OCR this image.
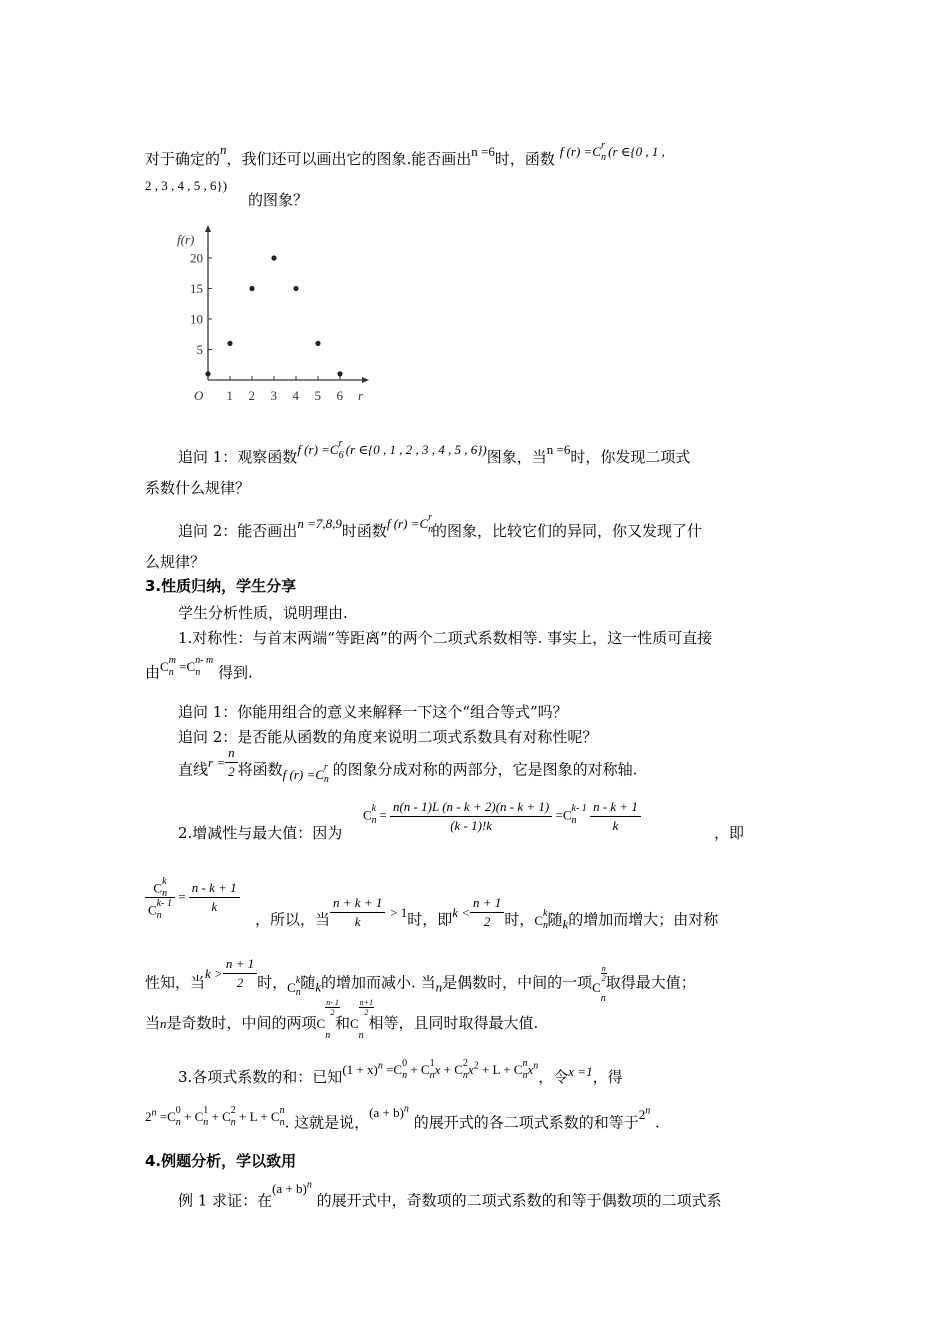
对于确定的$^n$，我们还可以画出它的图象.能否画出$^{n =6}$时，函数 f $(r) =C^r$
n (r ∈{0 , 1 ,
2 , 3 , 4 , 5 , 6})
的图象？
f(r)
r
O 1 2 3 4 5 6
5
10
15
20
追问 1：观察函数f $(r) =C^r$
6 (r ∈{0 , 1 , 2 , 3 , 4 , 5 , 6})图象，当$^{n =6}$时，你发现二项式
系数什么规律？
追问 2：能否画出$^{n =7,8,9}$时函数f $(r) =C^r$
n
的图象，比较它们的异同，你又发现了什
么规律？
3.性质归纳，学生分享
学生分析性质，说明理由.
1.对称性：与首末两端“等距离”的两个二项式系数相等. 事实上，这一性质可直接
由$C^m$
$n =C^{n- m}$
n 得到.
追问 1：你能用组合的意义来解释一下这个“组合等式”吗？
追问 2：是否能从函数的角度来说明二项式系数具有对称性呢？
直线$r = \frac{n}{2}$ 将函数f $(r) =C^r$
n
的图象分成对称的两部分，它是图象的对称轴.
2.增减性与最大值：因为
$C^k$
$n = \frac{n(n - 1)L (n - k + 2)(n - k + 1)}{(k - 1)!k} =C^{k- 1}$
n
$\frac{n - k + 1}{k}$	，即
$C^k$
n
$C^{k- 1}$
$n = \frac{n - k + 1}{k}$
，所以，当 $\frac{n + k + 1}{k} > 1$时，即$k < \frac{n + 1}{2}$ 时，$C^k$
n 随$_k$的增加而增大；由对称
性知，当$k > \frac{n + 1}{2}$ 时，$C^k$
n
随$_k$的增加而减小. 当$_n$是偶数时，中间的一项C
$\frac{n}{2}$
$_n$取得最大值；
当n是奇数时，中间的两项C
$\frac{n- 1}{2}$
$_n$ 和C
$\frac{n+1}{2}$
$_n$ 相等，且同时取得最大值.
3.各项式系数的和：已知$(1 + x)^n =C^0$
$n + C^1$
n $x + C^2$
n $x^2 + L + C^n$
n $x^n$，令$^{x =1}$，得
$2^n =C^0$
$n + C^1$
$n + C^2$
$n + L + C^n$
n . 这就是说，$(a + b)^n$ 的展开式的各二项式系数的和等于2$^n$ .
4.例题分析，学以致用
例 1 求证：在$(a + b)^n$ 的展开式中，奇数项的二项式系数的和等于偶数项的二项式系
